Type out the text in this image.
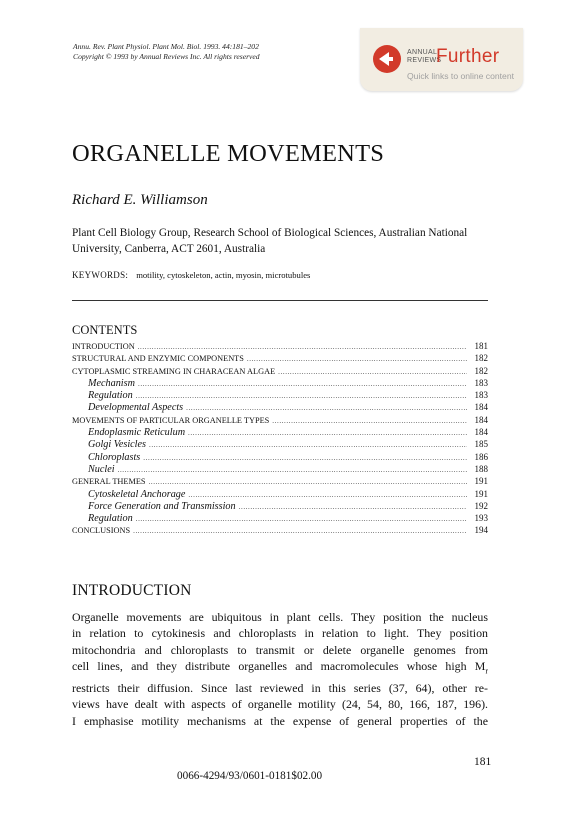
Annu. Rev. Plant Physiol. Plant Mol. Biol. 1993. 44:181–202
Copyright © 1993 by Annual Reviews Inc. All rights reserved	ANNUAL
REVIEWS
Further
Quick links to online content
ORGANELLE MOVEMENTS
Richard E. Williamson
Plant Cell Biology Group, Research School of Biological Sciences, Australian National University, Canberra, ACT 2601, Australia
KEYWORDS: motility, cytoskeleton, actin, myosin, microtubules
CONTENTS
INTRODUCTION .....	181
STRUCTURAL AND ENZYMIC COMPONENTS .....	182
CYTOPLASMIC STREAMING IN CHARACEAN ALGAE .....	182
Mechanism .....	183
Regulation .....	183
Developmental Aspects .....	184
MOVEMENTS OF PARTICULAR ORGANELLE TYPES .....	184
Endoplasmic Reticulum .....	184
Golgi Vesicles .....	185
Chloroplasts .....	186
Nuclei .....	188
GENERAL THEMES .....	191
Cytoskeletal Anchorage .....	191
Force Generation and Transmission .....	192
Regulation .....	193
CONCLUSIONS .....	194
INTRODUCTION
Organelle movements are ubiquitous in plant cells. They position the nucleus
in relation to cytokinesis and chloroplasts in relation to light. They position
mitochondria and chloroplasts to transmit or delete organelle genomes from
cell lines, and they distribute organelles and macromolecules whose high $M_r$
restricts their diffusion. Since last reviewed in this series (37, 64), other re-
views have dealt with aspects of organelle motility (24, 54, 80, 166, 187, 196).
I emphasise motility mechanisms at the expense of general properties of the
181
0066-4294/93/0601-0181$02.00
